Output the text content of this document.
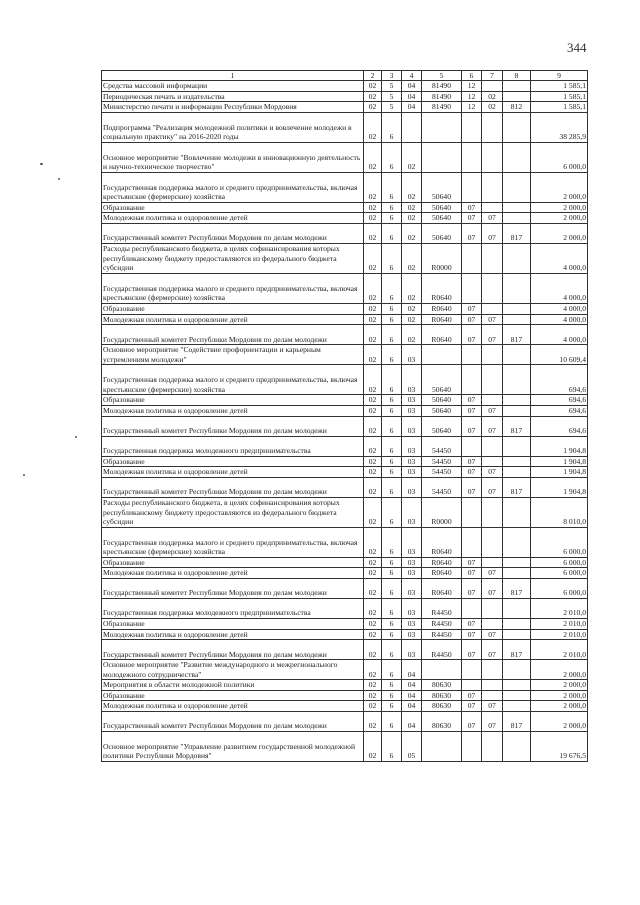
344
1	2	3	4	5	6	7	8	9
Средства массовой информации	02	5	04	81490	12			1 585,1
Периодическая печать и издательства	02	5	04	81490	12	02		1 585,1
Министерство печати и информации Республики Мордовия	02	5	04	81490	12	02	812	1 585,1
Подпрограмма "Реализация молодежной политики и вовлечение молодежи в социальную практику" на 2016-2020 годы	02	6						38 285,9
Основное мероприятие "Вовлечение молодежи в инновационную деятельность и научно-техническое творчество"	02	6	02					6 000,0
Государственная поддержка малого и среднего предпринимательства, включая крестьянские (фермерские) хозяйства	02	6	02	50640				2 000,0
Образование	02	6	02	50640	07			2 000,0
Молодежная политика и оздоровление детей	02	6	02	50640	07	07		2 000,0
Государственный комитет Республики Мордовия по делам молодежи	02	6	02	50640	07	07	817	2 000,0
Расходы республиканского бюджета, в целях софинансирования которых республиканскому бюджету предоставляются из федерального бюджета субсидии	02	6	02	R0000				4 000,0
Государственная поддержка малого и среднего предпринимательства, включая крестьянские (фермерские) хозяйства	02	6	02	R0640				4 000,0
Образование	02	6	02	R0640	07			4 000,0
Молодежная политика и оздоровление детей	02	6	02	R0640	07	07		4 000,0
Государственный комитет Республики Мордовия по делам молодежи	02	6	02	R0640	07	07	817	4 000,0
Основное мероприятие "Содействие профориентации и карьерным устремлениям молодежи"	02	6	03					10 609,4
Государственная поддержка малого и среднего предпринимательства, включая крестьянские (фермерские) хозяйства	02	6	03	50640				694,6
Образование	02	6	03	50640	07			694,6
Молодежная политика и оздоровление детей	02	6	03	50640	07	07		694,6
Государственный комитет Республики Мордовия по делам молодежи	02	6	03	50640	07	07	817	694,6
Государственная поддержка молодежного предпринимательства	02	6	03	54450				1 904,8
Образование	02	6	03	54450	07			1 904,8
Молодежная политика и оздоровление детей	02	6	03	54450	07	07		1 904,8
Государственный комитет Республики Мордовия по делам молодежи	02	6	03	54450	07	07	817	1 904,8
Расходы республиканского бюджета, в целях софинансирования которых республиканскому бюджету предоставляются из федерального бюджета субсидии	02	6	03	R0000				8 010,0
Государственная поддержка малого и среднего предпринимательства, включая крестьянские (фермерские) хозяйства	02	6	03	R0640				6 000,0
Образование	02	6	03	R0640	07			6 000,0
Молодежная политика и оздоровление детей	02	6	03	R0640	07	07		6 000,0
Государственный комитет Республики Мордовия по делам молодежи	02	6	03	R0640	07	07	817	6 000,0
Государственная поддержка молодежного предпринимательства	02	6	03	R4450				2 010,0
Образование	02	6	03	R4450	07			2 010,0
Молодежная политика и оздоровление детей	02	6	03	R4450	07	07		2 010,0
Государственный комитет Республики Мордовия по делам молодежи	02	6	03	R4450	07	07	817	2 010,0
Основное мероприятие "Развитие международного и межрегионального молодежного сотрудничества"	02	6	04					2 000,0
Мероприятия в области молодежной политики	02	6	04	80630				2 000,0
Образование	02	6	04	80630	07			2 000,0
Молодежная политика и оздоровление детей	02	6	04	80630	07	07		2 000,0
Государственный комитет Республики Мордовия по делам молодежи	02	6	04	80630	07	07	817	2 000,0
Основное мероприятие "Управление развитием государственной молодежной политики Республики Мордовия"	02	6	05					19 676,5
